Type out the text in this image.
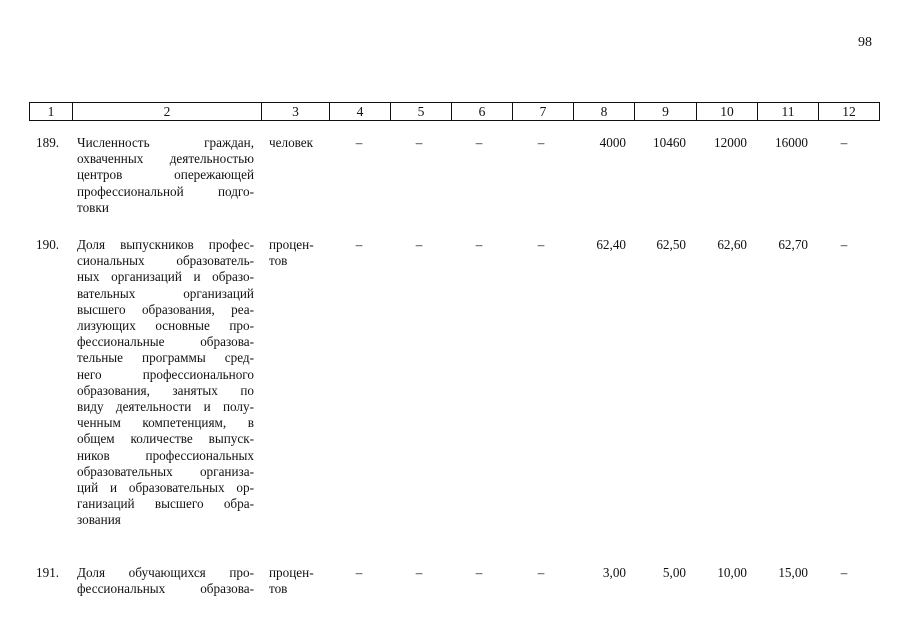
98
1	2	3	4	5	6	7	8	9	10	11	12
189. Численность граждан,
охваченных деятельностью
центров опережающей
профессиональной подго-
товки
человек	–	–	–	–	4000	10460	12000	16000	–
190. Доля выпускников профес-
сиональных образователь-
ных организаций и образо-
вательных организаций
высшего образования, реа-
лизующих основные про-
фессиональные образова-
тельные программы сред-
него профессионального
образования, занятых по
виду деятельности и полу-
ченным компетенциям, в
общем количестве выпуск-
ников профессиональных
образовательных организа-
ций и образовательных ор-
ганизаций высшего обра-
зования
процен-
тов
–	–	–	–	62,40	62,50	62,60	62,70	–
191. Доля обучающихся про-
фессиональных образова-
процен-
тов
–	–	–	–	3,00	5,00	10,00	15,00	–
